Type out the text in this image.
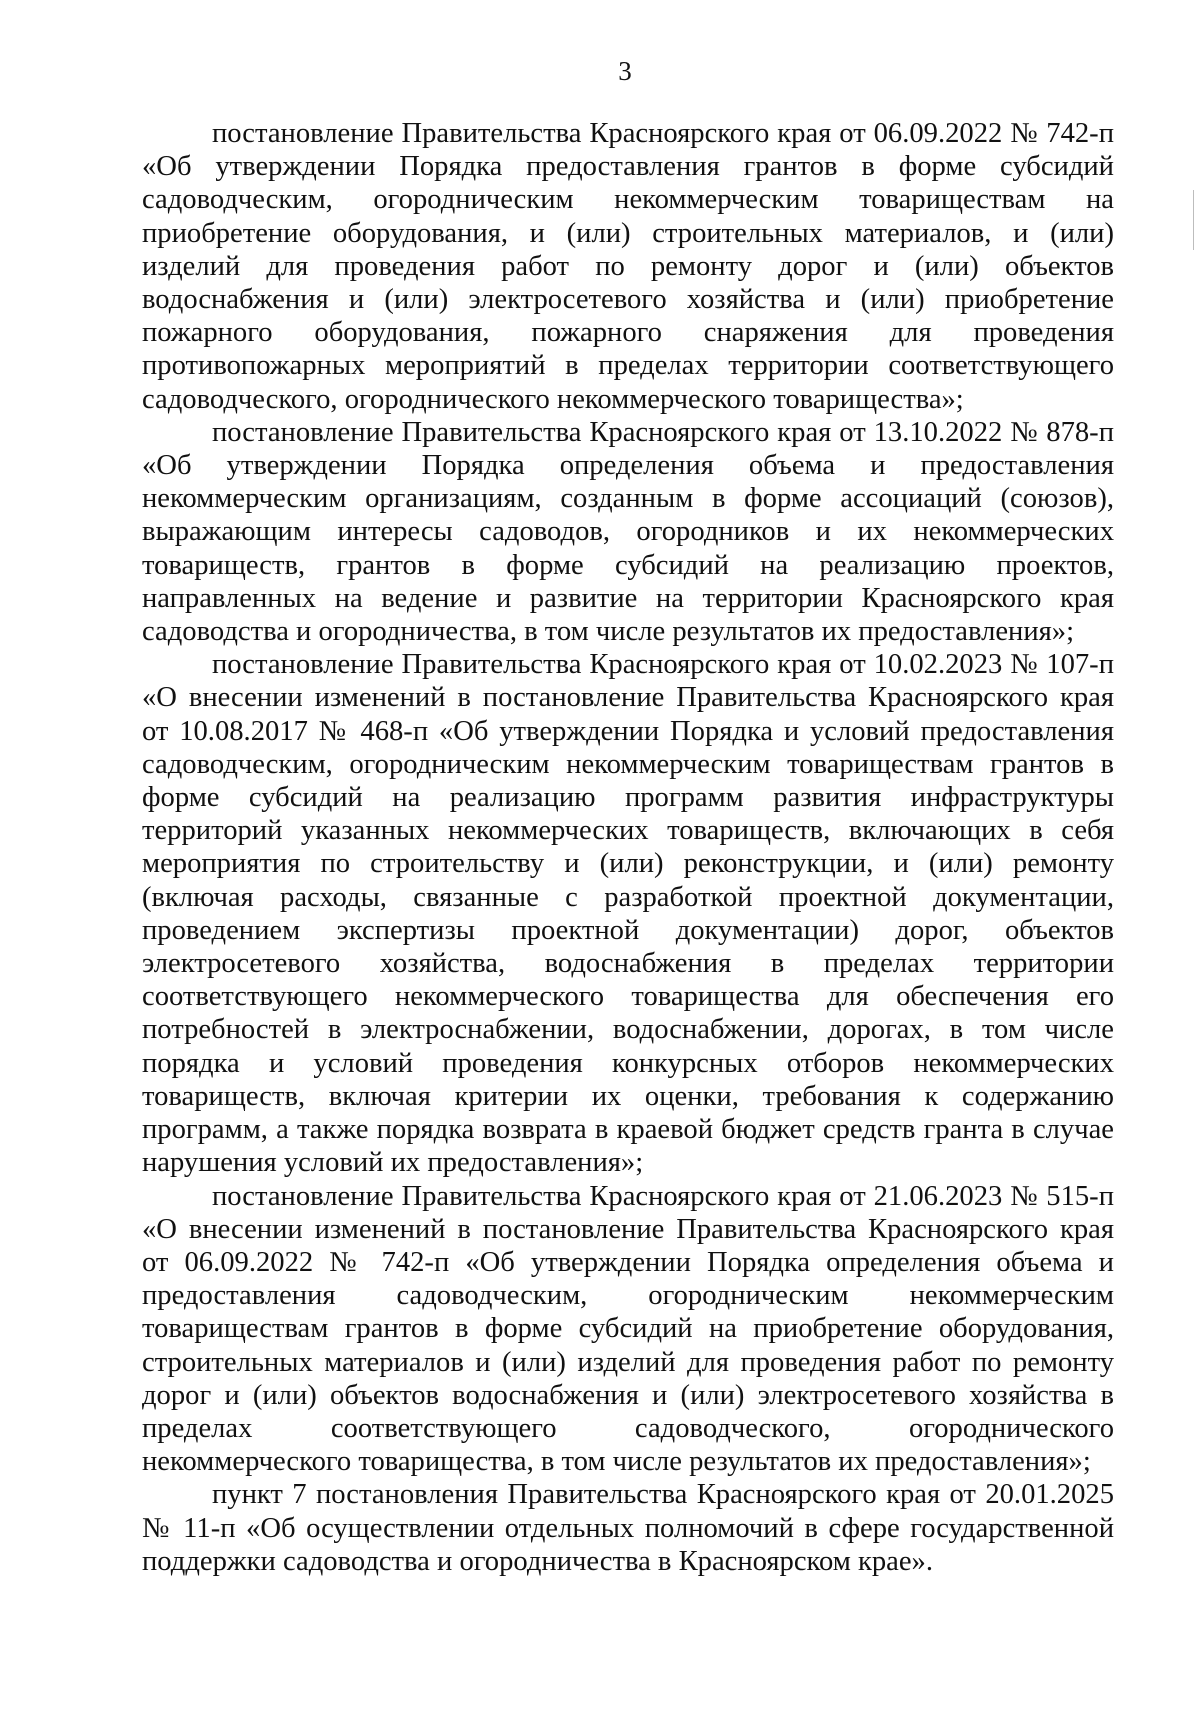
3

постановление Правительства Красноярского края от 06.09.2022 № 742-п «Об утверждении Порядка предоставления грантов в форме субсидий садоводческим, огородническим некоммерческим товариществам на приобретение оборудования, и (или) строительных материалов, и (или) изделий для проведения работ по ремонту дорог и (или) объектов водоснабжения и (или) электросетевого хозяйства и (или) приобретение пожарного оборудования, пожарного снаряжения для проведения противопожарных мероприятий в пределах территории соответствующего садоводческого, огороднического некоммерческого товарищества»;

постановление Правительства Красноярского края от 13.10.2022 № 878-п «Об утверждении Порядка определения объема и предоставления некоммерческим организациям, созданным в форме ассоциаций (союзов), выражающим интересы садоводов, огородников и их некоммерческих товариществ, грантов в форме субсидий на реализацию проектов, направленных на ведение и развитие на территории Красноярского края садоводства и огородничества, в том числе результатов их предоставления»;

постановление Правительства Красноярского края от 10.02.2023 № 107-п «О внесении изменений в постановление Правительства Красноярского края от 10.08.2017 № 468-п «Об утверждении Порядка и условий предоставления садоводческим, огородническим некоммерческим товариществам грантов в форме субсидий на реализацию программ развития инфраструктуры территорий указанных некоммерческих товариществ, включающих в себя мероприятия по строительству и (или) реконструкции, и (или) ремонту (включая расходы, связанные с разработкой проектной документации, проведением экспертизы проектной документации) дорог, объектов электросетевого хозяйства, водоснабжения в пределах территории соответствующего некоммерческого товарищества для обеспечения его потребностей в электроснабжении, водоснабжении, дорогах, в том числе порядка и условий проведения конкурсных отборов некоммерческих товариществ, включая критерии их оценки, требования к содержанию программ, а также порядка возврата в краевой бюджет средств гранта в случае нарушения условий их предоставления»;

постановление Правительства Красноярского края от 21.06.2023 № 515-п «О внесении изменений в постановление Правительства Красноярского края от 06.09.2022 № 742-п «Об утверждении Порядка определения объема и предоставления садоводческим, огородническим некоммерческим товариществам грантов в форме субсидий на приобретение оборудования, строительных материалов и (или) изделий для проведения работ по ремонту дорог и (или) объектов водоснабжения и (или) электросетевого хозяйства в пределах соответствующего садоводческого, огороднического некоммерческого товарищества, в том числе результатов их предоставления»;

пункт 7 постановления Правительства Красноярского края от 20.01.2025 № 11-п «Об осуществлении отдельных полномочий в сфере государственной поддержки садоводства и огородничества в Красноярском крае».
